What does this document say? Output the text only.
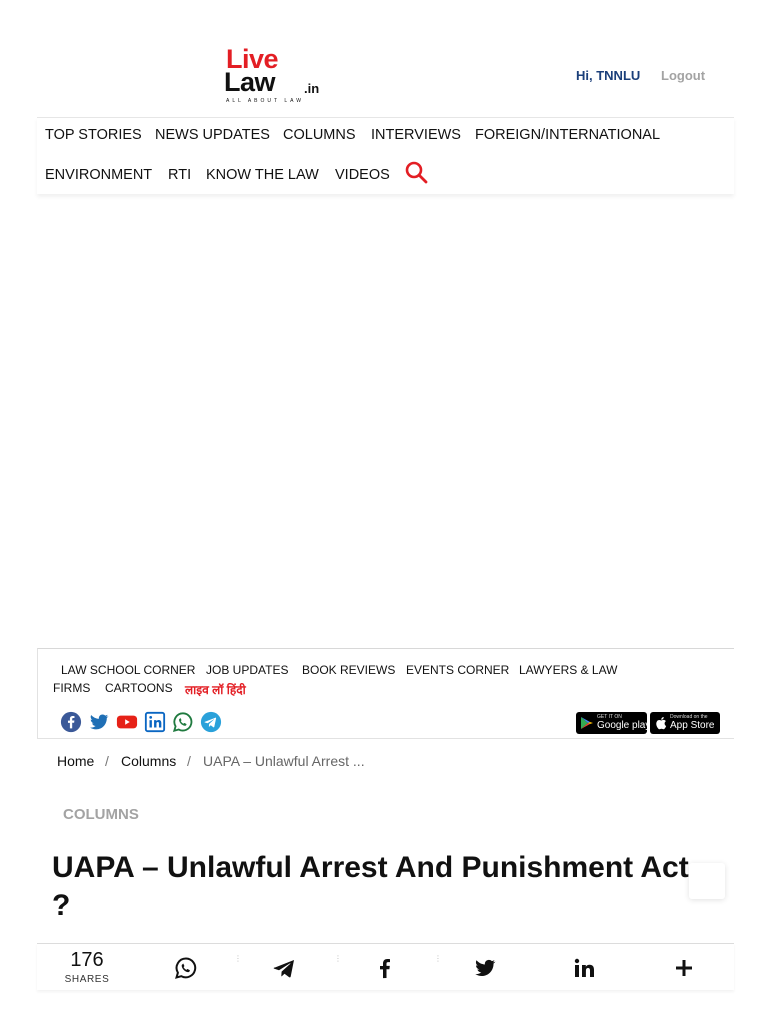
Live
Law .in
ALL ABOUT LAW
Hi, TNNLU Logout
TOP STORIES NEWS UPDATES COLUMNS INTERVIEWS FOREIGN/INTERNATIONAL
ENVIRONMENT RTI KNOW THE LAW VIDEOS
LAW SCHOOL CORNER JOB UPDATES BOOK REVIEWS EVENTS CORNER LAWYERS & LAW
FIRMS CARTOONS लाइव लॉ हिंदी
GET IT ON
Google play
Download on the
App Store
Home / Columns / UAPA – Unlawful Arrest ...
COLUMNS
UAPA – Unlawful Arrest And Punishment Act ?
176
SHARES
⋮	⋮	⋮
